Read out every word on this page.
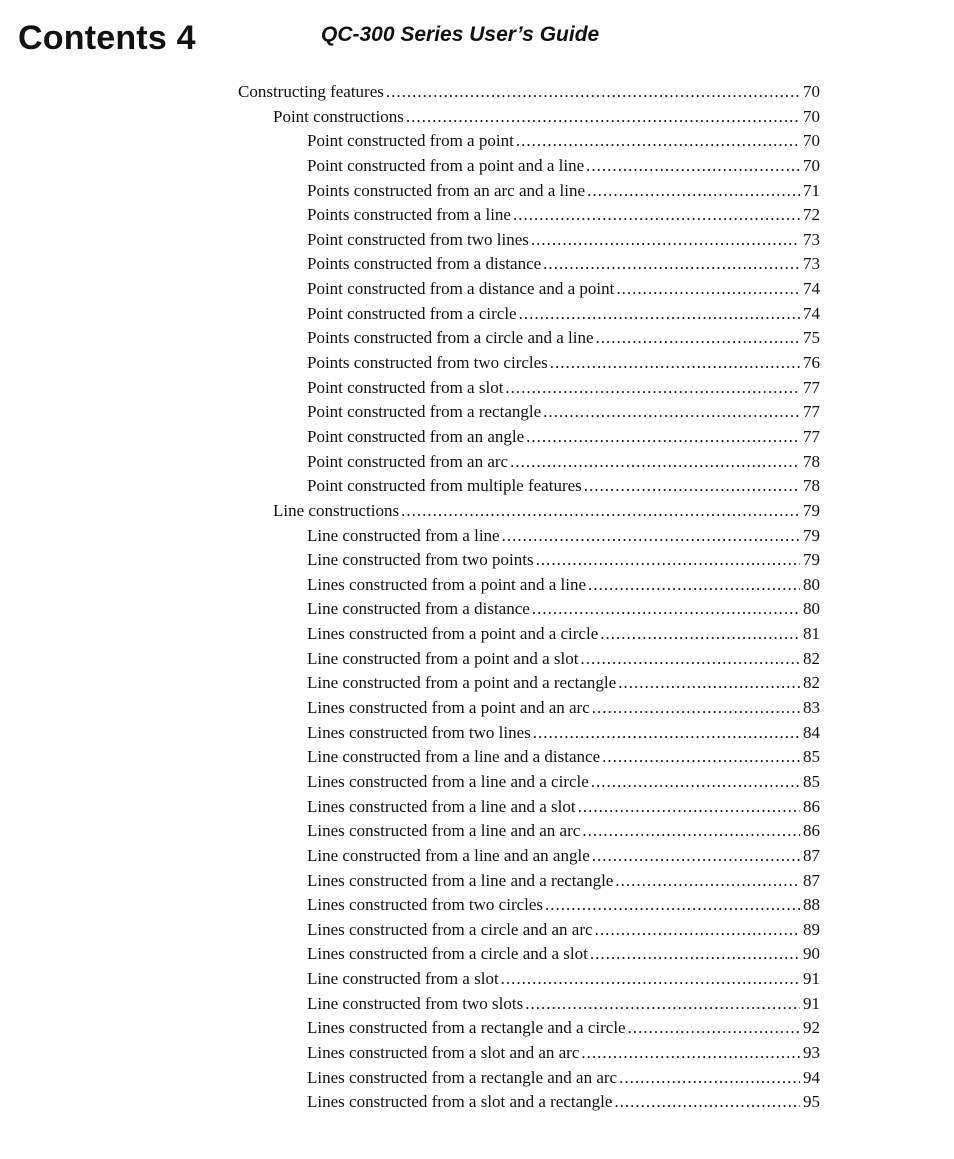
Contents 4	QC-300 Series User’s Guide
Constructing features .....	70
Point constructions .....	70
Point constructed from a point .....	70
Point constructed from a point and a line .....	70
Points constructed from an arc and a line .....	71
Points constructed from a line .....	72
Point constructed from two lines .....	73
Points constructed from a distance .....	73
Point constructed from a distance and a point .....	74
Point constructed from a circle .....	74
Points constructed from a circle and a line .....	75
Points constructed from two circles .....	76
Point constructed from a slot .....	77
Point constructed from a rectangle .....	77
Point constructed from an angle .....	77
Point constructed from an arc .....	78
Point constructed from multiple features .....	78
Line constructions .....	79
Line constructed from a line .....	79
Line constructed from two points .....	79
Lines constructed from a point and a line .....	80
Line constructed from a distance .....	80
Lines constructed from a point and a circle .....	81
Line constructed from a point and a slot .....	82
Line constructed from a point and a rectangle .....	82
Lines constructed from a point and an arc .....	83
Lines constructed from two lines .....	84
Line constructed from a line and a distance .....	85
Lines constructed from a line and a circle .....	85
Lines constructed from a line and a slot .....	86
Lines constructed from a line and an arc .....	86
Line constructed from a line and an angle .....	87
Lines constructed from a line and a rectangle .....	87
Lines constructed from two circles .....	88
Lines constructed from a circle and an arc .....	89
Lines constructed from a circle and a slot .....	90
Line constructed from a slot .....	91
Line constructed from two slots .....	91
Lines constructed from a rectangle and a circle .....	92
Lines constructed from a slot and an arc .....	93
Lines constructed from a rectangle and an arc .....	94
Lines constructed from a slot and a rectangle .....	95
